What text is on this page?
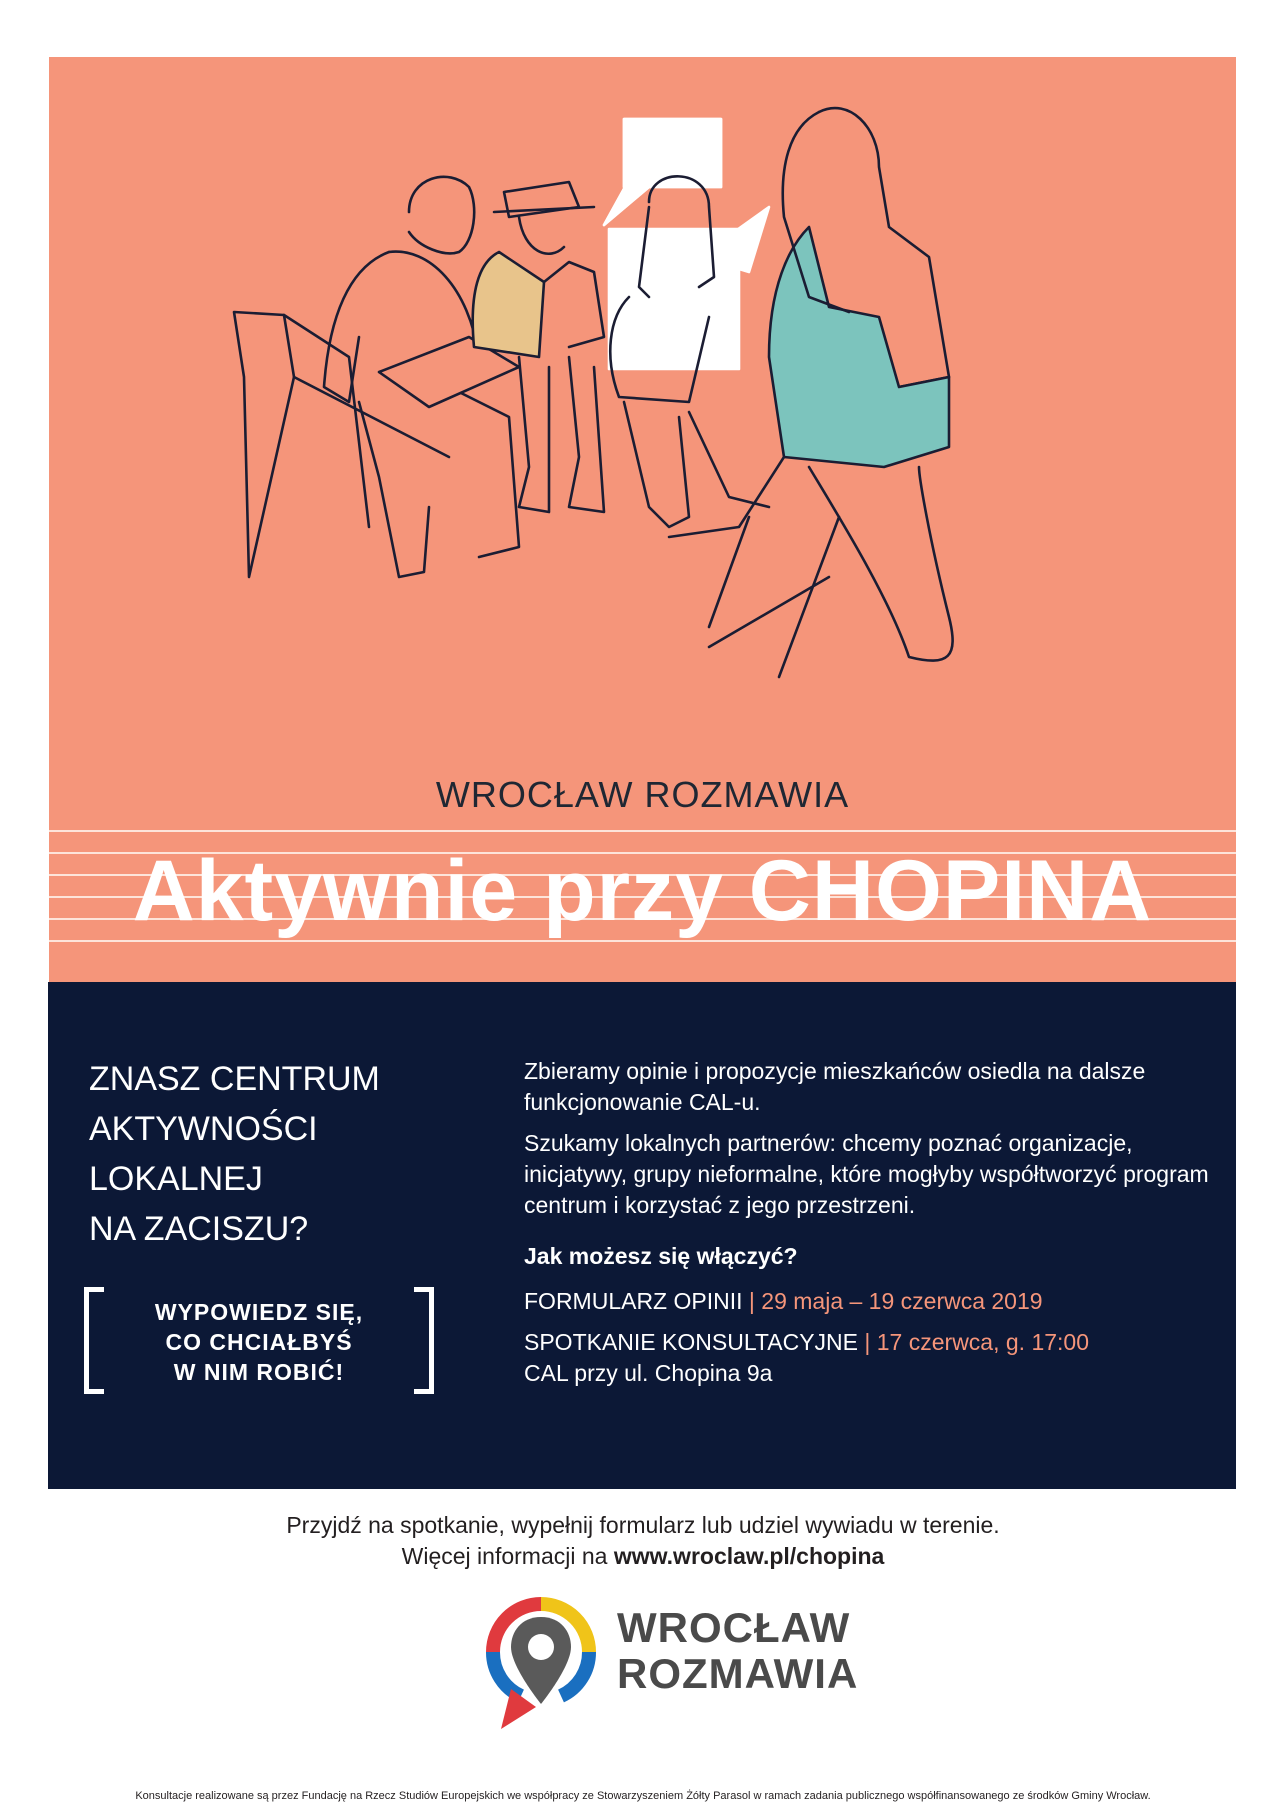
WROCŁAW ROZMAWIA
Aktywnie przy CHOPINA
ZNASZ CENTRUM
AKTYWNOŚCI
LOKALNEJ
NA ZACISZU?
WYPOWIEDZ SIĘ,
CO CHCIAŁBYŚ
W NIM ROBIĆ!

Zbieramy opinie i propozycje mieszkańców osiedla na dalsze funkcjonowanie CAL-u.

Szukamy lokalnych partnerów: chcemy poznać organizacje, inicjatywy, grupy nieformalne, które mogłyby współtworzyć program centrum i korzystać z jego przestrzeni.

Jak możesz się włączyć?

FORMULARZ OPINII | 29 maja – 19 czerwca 2019

SPOTKANIE KONSULTACYJNE | 17 czerwca, g. 17:00

CAL przy ul. Chopina 9a

Przyjdź na spotkanie, wypełnij formularz lub udziel wywiadu w terenie.
Więcej informacji na www.wroclaw.pl/chopina
WROCŁAW
ROZMAWIA
Konsultacje realizowane są przez Fundację na Rzecz Studiów Europejskich we współpracy ze Stowarzyszeniem Żółty Parasol w ramach zadania publicznego współfinansowanego ze środków Gminy Wrocław.
